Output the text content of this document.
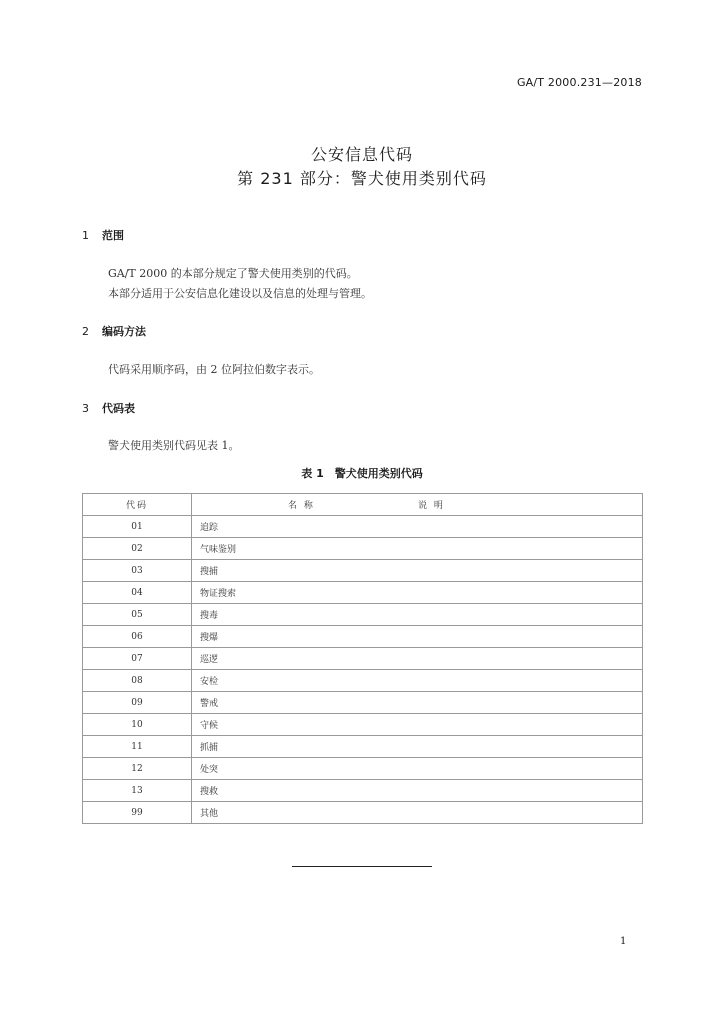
GA/T 2000.231—2018
公安信息代码
第 231 部分：警犬使用类别代码
1 范围
GA/T 2000 的本部分规定了警犬使用类别的代码。
本部分适用于公安信息化建设以及信息的处理与管理。
2 编码方法
代码采用顺序码，由 2 位阿拉伯数字表示。
3 代码表
警犬使用类别代码见表 1。
表 1　警犬使用类别代码
代码	名 称	说 明
01	追踪	
02	气味鉴别	
03	搜捕	
04	物证搜索	
05	搜毒	
06	搜爆	
07	巡逻	
08	安检	
09	警戒	
10	守候	
11	抓捕	
12	处突	
13	搜救	
99	其他	
1
